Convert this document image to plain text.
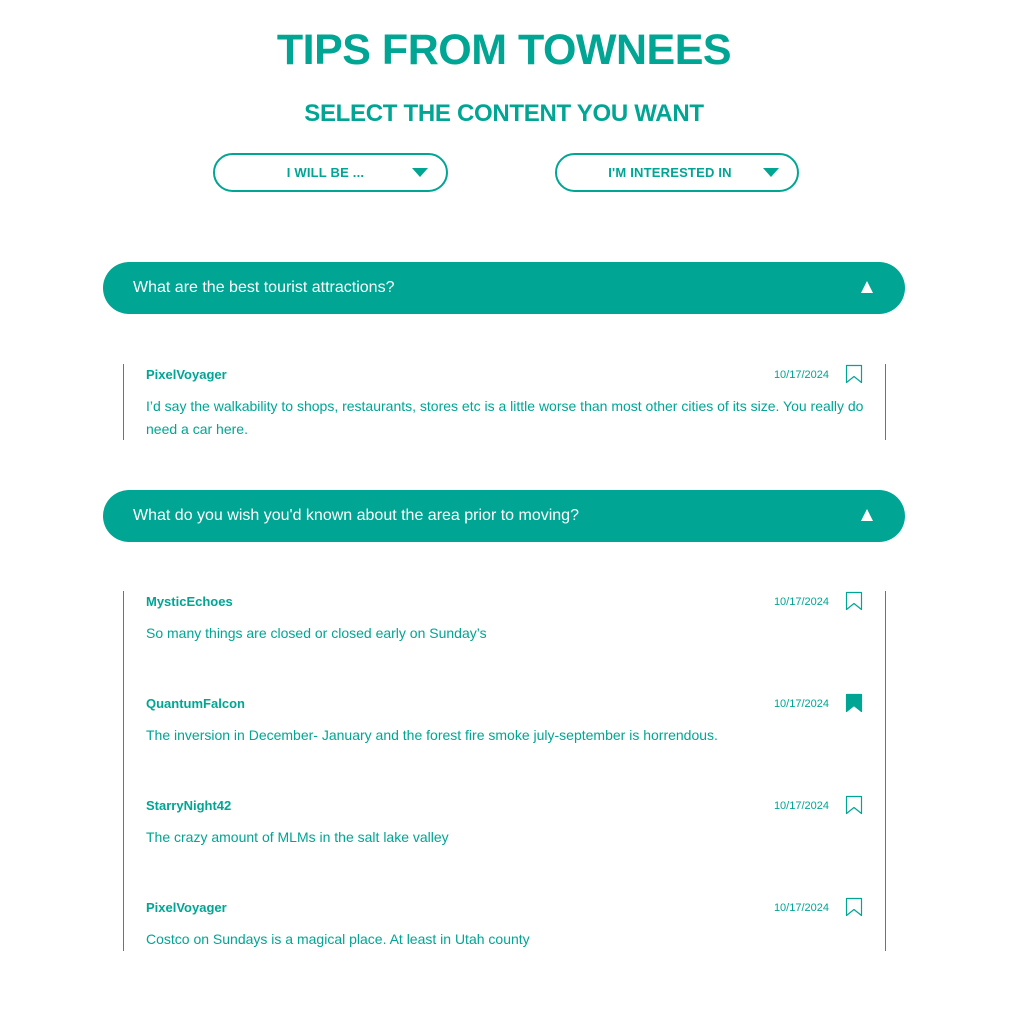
TIPS FROM TOWNEES
SELECT THE CONTENT YOU WANT
I WILL BE ...	I'M INTERESTED IN
What are the best tourist attractions?
PixelVoyager	10/17/2024

I’d say the walkability to shops, restaurants, stores etc is a little worse than most other cities of its size. You really do need a car here.

What do you wish you'd known about the area prior to moving?
MysticEchoes	10/17/2024

So many things are closed or closed early on Sunday’s

QuantumFalcon	10/17/2024

The inversion in December- January and the forest fire smoke july-september is horrendous.

StarryNight42	10/17/2024

The crazy amount of MLMs in the salt lake valley

PixelVoyager	10/17/2024

Costco on Sundays is a magical place. At least in Utah county
